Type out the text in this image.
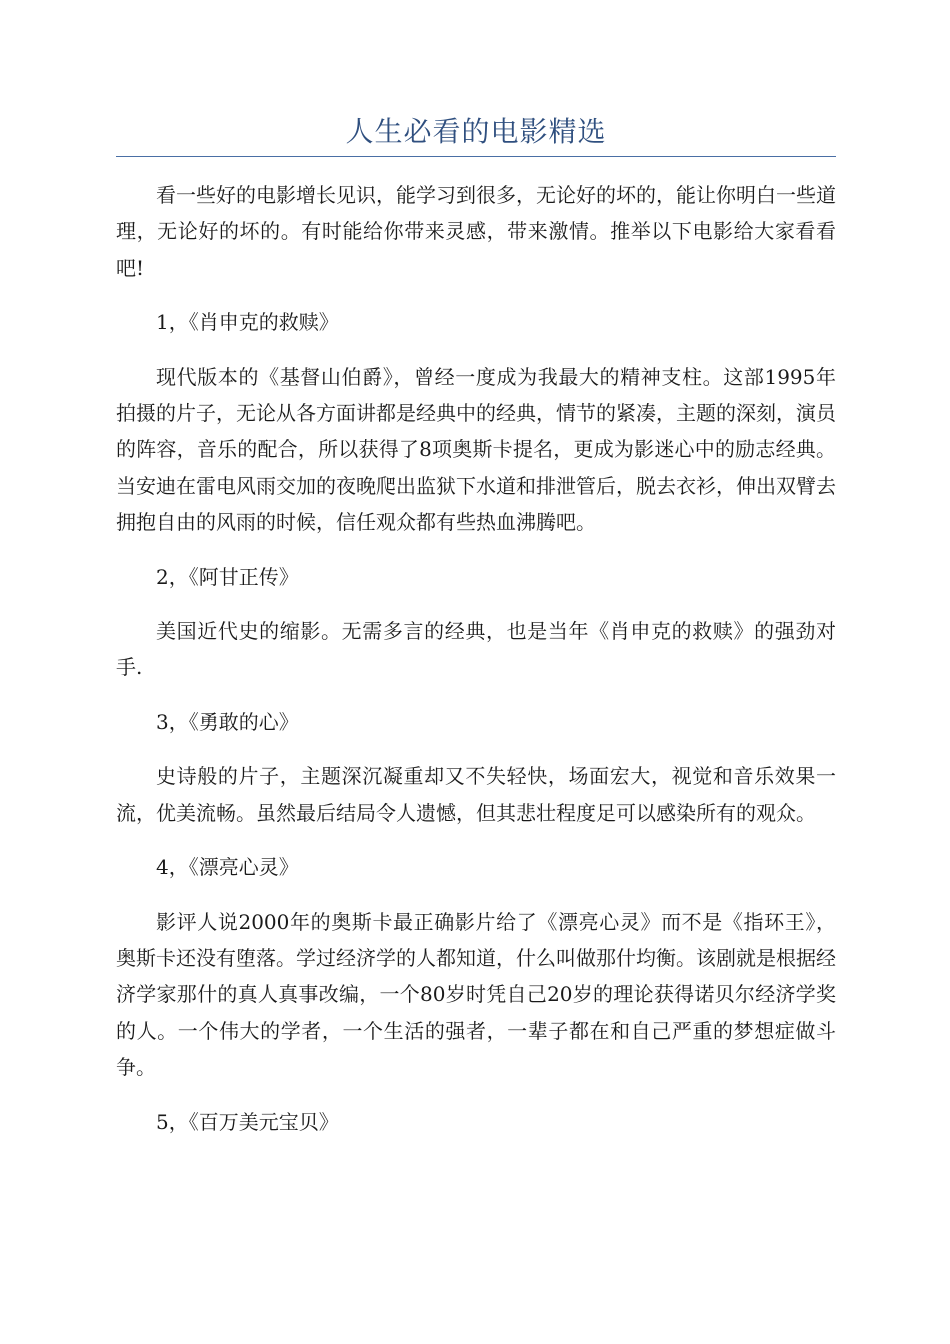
人生必看的电影精选

看一些好的电影增长见识，能学习到很多，无论好的坏的，能让你明白一些道理，无论好的坏的。有时能给你带来灵感，带来激情。推举以下电影给大家看看吧!

1，《肖申克的救赎》

现代版本的《基督山伯爵》，曾经一度成为我最大的精神支柱。这部1995年拍摄的片子，无论从各方面讲都是经典中的经典，情节的紧凑，主题的深刻，演员的阵容，音乐的配合，所以获得了8项奥斯卡提名，更成为影迷心中的励志经典。当安迪在雷电风雨交加的夜晚爬出监狱下水道和排泄管后，脱去衣衫，伸出双臂去拥抱自由的风雨的时候，信任观众都有些热血沸腾吧。

2，《阿甘正传》

美国近代史的缩影。无需多言的经典，也是当年《肖申克的救赎》的强劲对手.

3，《勇敢的心》

史诗般的片子，主题深沉凝重却又不失轻快，场面宏大，视觉和音乐效果一流，优美流畅。虽然最后结局令人遗憾，但其悲壮程度足可以感染所有的观众。

4，《漂亮心灵》

影评人说2000年的奥斯卡最正确影片给了《漂亮心灵》而不是《指环王》，奥斯卡还没有堕落。学过经济学的人都知道，什么叫做那什均衡。该剧就是根据经济学家那什的真人真事改编，一个80岁时凭自己20岁的理论获得诺贝尔经济学奖的人。一个伟大的学者，一个生活的强者，一辈子都在和自己严重的梦想症做斗争。

5，《百万美元宝贝》
